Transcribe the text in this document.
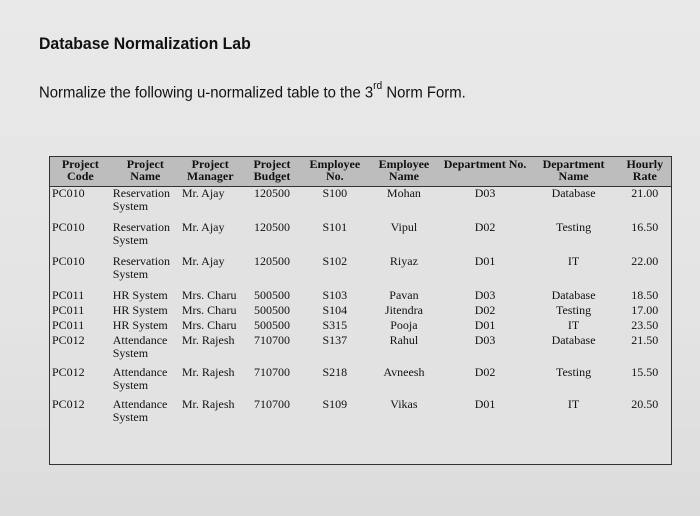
Database Normalization Lab
Normalize the following u-normalized table to the 3rd Norm Form.
Project Code	Project Name	Project Manager	Project Budget	Employee No.	Employee Name	Department No.	Department Name	Hourly Rate
PC010	Reservation System	Mr. Ajay	120500	S100	Mohan	D03	Database	21.00
PC010	Reservation System	Mr. Ajay	120500	S101	Vipul	D02	Testing	16.50
PC010	Reservation System	Mr. Ajay	120500	S102	Riyaz	D01	IT	22.00
PC011	HR System	Mrs. Charu	500500	S103	Pavan	D03	Database	18.50
PC011	HR System	Mrs. Charu	500500	S104	Jitendra	D02	Testing	17.00
PC011	HR System	Mrs. Charu	500500	S315	Pooja	D01	IT	23.50
PC012	Attendance System	Mr. Rajesh	710700	S137	Rahul	D03	Database	21.50
PC012	Attendance System	Mr. Rajesh	710700	S218	Avneesh	D02	Testing	15.50
PC012	Attendance System	Mr. Rajesh	710700	S109	Vikas	D01	IT	20.50
